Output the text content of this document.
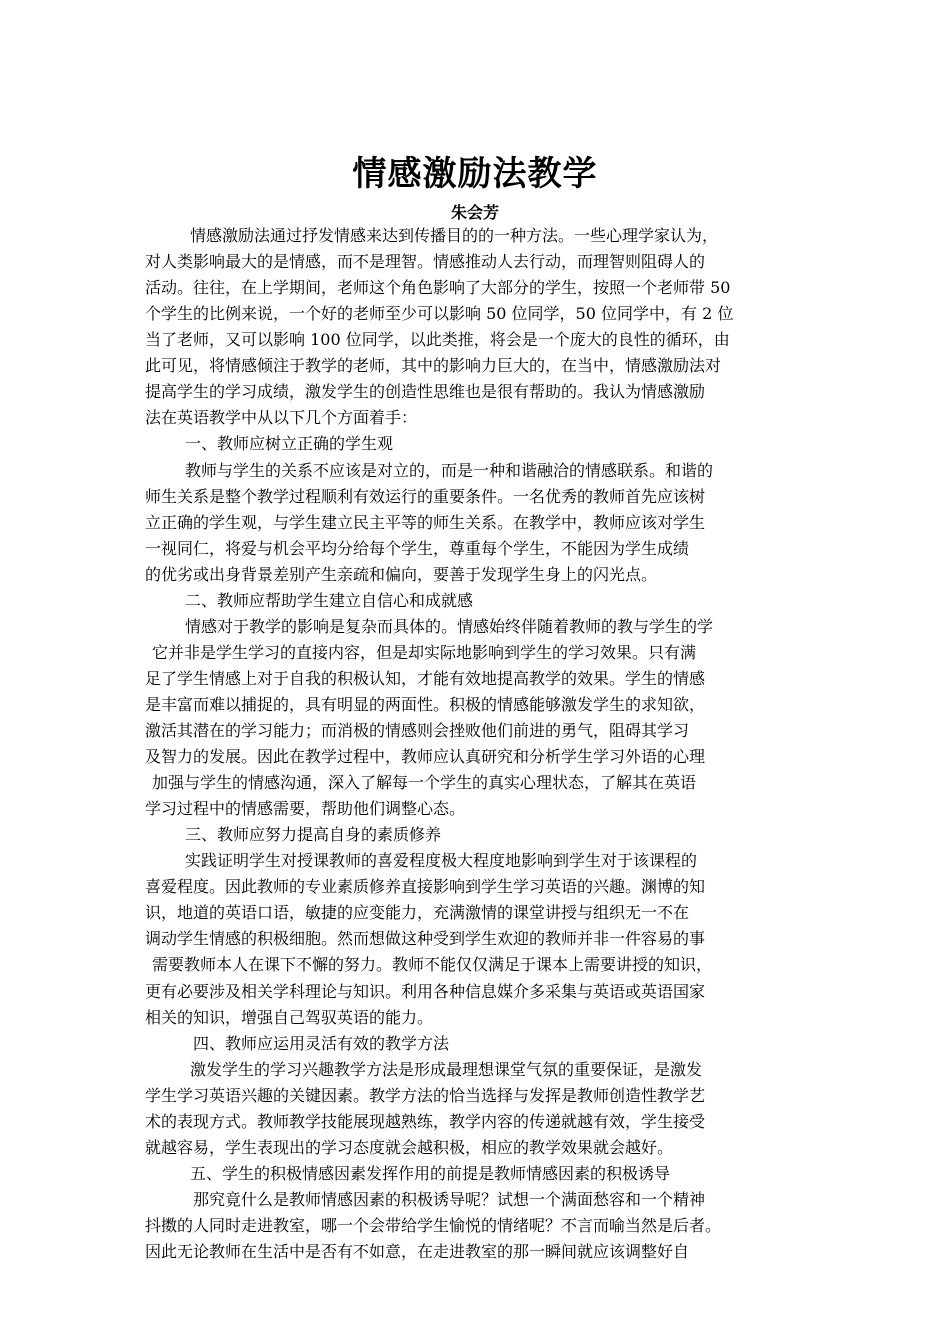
情感激励法教学
朱会芳
情感激励法通过抒发情感来达到传播目的的一种方法。一些心理学家认为，
对人类影响最大的是情感，而不是理智。情感推动人去行动，而理智则阻碍人的
活动。往往，在上学期间，老师这个角色影响了大部分的学生，按照一个老师带 50
个学生的比例来说，一个好的老师至少可以影响 50 位同学，50 位同学中，有 2 位
当了老师，又可以影响 100 位同学，以此类推，将会是一个庞大的良性的循环，由
此可见，将情感倾注于教学的老师，其中的影响力巨大的，在当中，情感激励法对
提高学生的学习成绩，激发学生的创造性思维也是很有帮助的。我认为情感激励
法在英语教学中从以下几个方面着手：
一、教师应树立正确的学生观
教师与学生的关系不应该是对立的，而是一种和谐融洽的情感联系。和谐的
师生关系是整个教学过程顺利有效运行的重要条件。一名优秀的教师首先应该树
立正确的学生观，与学生建立民主平等的师生关系。在教学中，教师应该对学生
一视同仁，将爱与机会平均分给每个学生，尊重每个学生，不能因为学生成绩
的优劣或出身背景差别产生亲疏和偏向，要善于发现学生身上的闪光点。
二、教师应帮助学生建立自信心和成就感
情感对于教学的影响是复杂而具体的。情感始终伴随着教师的教与学生的学
它并非是学生学习的直接内容，但是却实际地影响到学生的学习效果。只有满
足了学生情感上对于自我的积极认知，才能有效地提高教学的效果。学生的情感
是丰富而难以捕捉的，具有明显的两面性。积极的情感能够激发学生的求知欲，
激活其潜在的学习能力；而消极的情感则会挫败他们前进的勇气，阻碍其学习
及智力的发展。因此在教学过程中，教师应认真研究和分析学生学习外语的心理
加强与学生的情感沟通，深入了解每一个学生的真实心理状态，了解其在英语
学习过程中的情感需要，帮助他们调整心态。
三、教师应努力提高自身的素质修养
实践证明学生对授课教师的喜爱程度极大程度地影响到学生对于该课程的
喜爱程度。因此教师的专业素质修养直接影响到学生学习英语的兴趣。渊博的知
识，地道的英语口语，敏捷的应变能力，充满激情的课堂讲授与组织无一不在
调动学生情感的积极细胞。然而想做这种受到学生欢迎的教师并非一件容易的事
需要教师本人在课下不懈的努力。教师不能仅仅满足于课本上需要讲授的知识，
更有必要涉及相关学科理论与知识。利用各种信息媒介多采集与英语或英语国家
相关的知识，增强自己驾驭英语的能力。
四、教师应运用灵活有效的教学方法
激发学生的学习兴趣教学方法是形成最理想课堂气氛的重要保证，是激发
学生学习英语兴趣的关键因素。教学方法的恰当选择与发挥是教师创造性教学艺
术的表现方式。教师教学技能展现越熟练，教学内容的传递就越有效，学生接受
就越容易，学生表现出的学习态度就会越积极，相应的教学效果就会越好。
五、学生的积极情感因素发挥作用的前提是教师情感因素的积极诱导
那究竟什么是教师情感因素的积极诱导呢？试想一个满面愁容和一个精神
抖擞的人同时走进教室，哪一个会带给学生愉悦的情绪呢？不言而喻当然是后者。
因此无论教师在生活中是否有不如意，在走进教室的那一瞬间就应该调整好自
